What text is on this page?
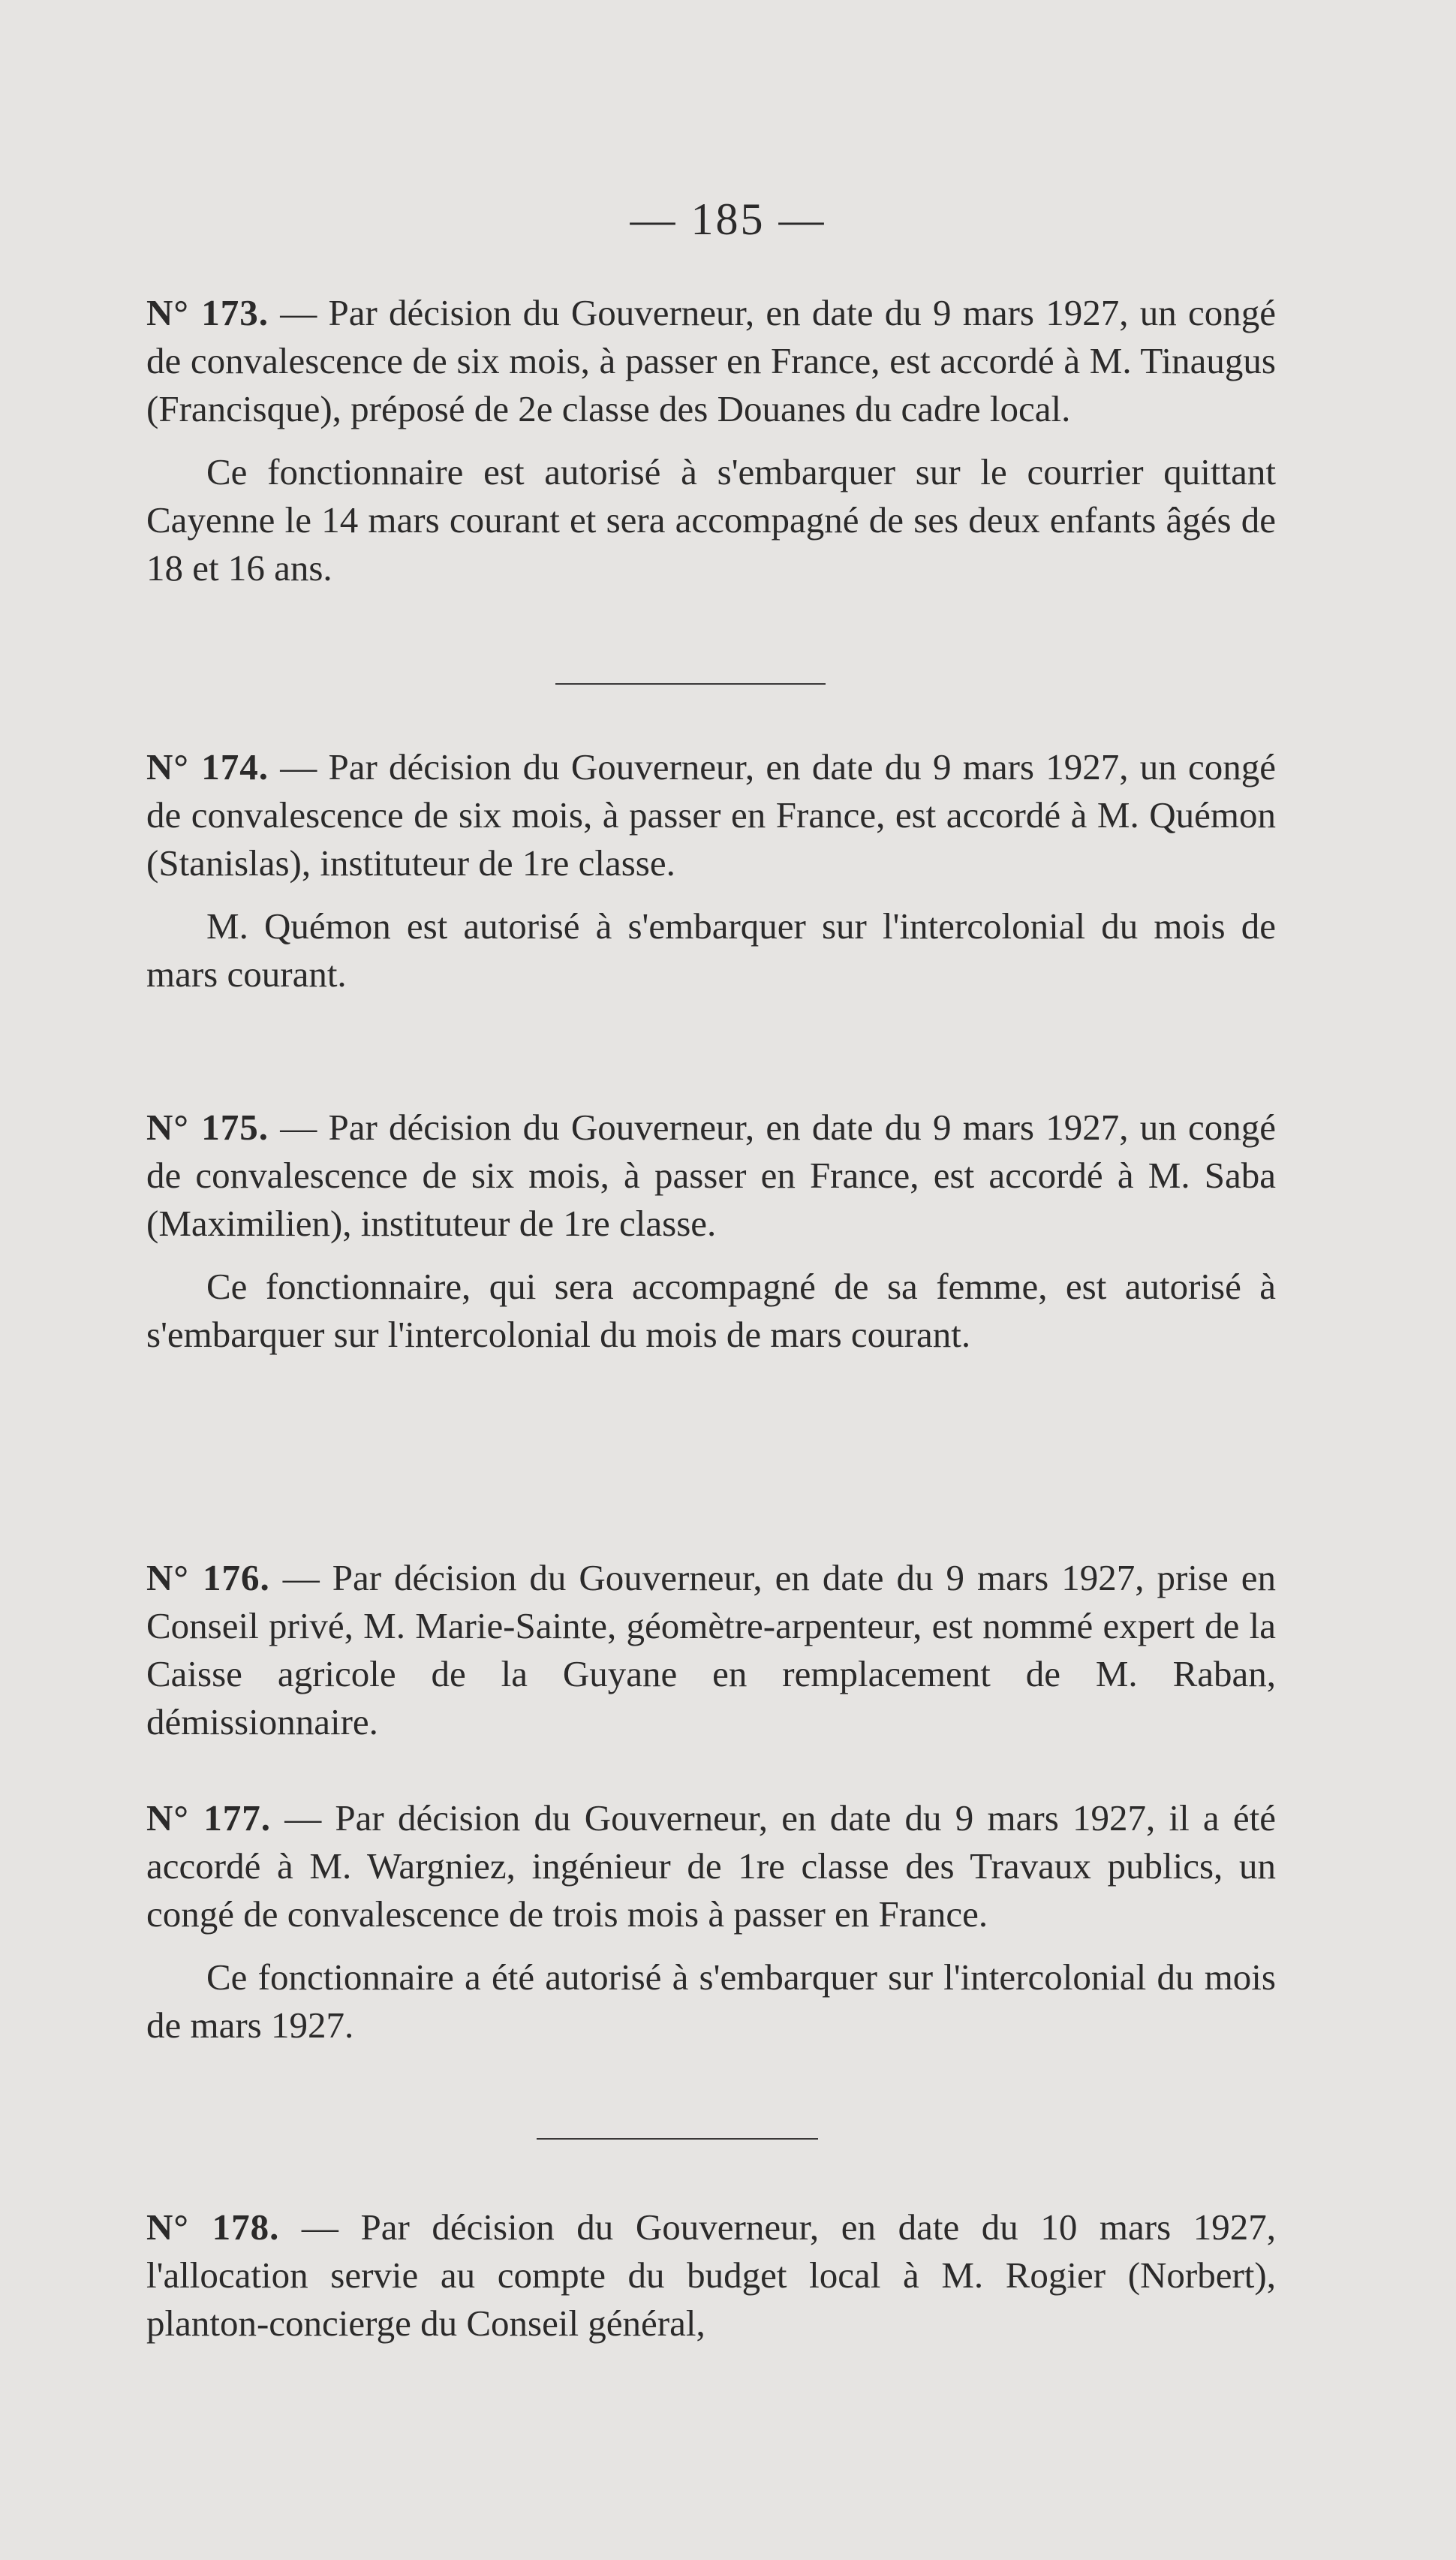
— 185 —

N° 173. — Par décision du Gouverneur, en date du 9 mars 1927, un congé de convalescence de six mois, à passer en France, est accordé à M. Tinaugus (Francisque), préposé de 2e classe des Douanes du cadre local.

Ce fonctionnaire est autorisé à s'embarquer sur le courrier quittant Cayenne le 14 mars courant et sera accompagné de ses deux enfants âgés de 18 et 16 ans.

N° 174. — Par décision du Gouverneur, en date du 9 mars 1927, un congé de convalescence de six mois, à passer en France, est accordé à M. Quémon (Stanislas), instituteur de 1re classe.

M. Quémon est autorisé à s'embarquer sur l'intercolonial du mois de mars courant.

N° 175. — Par décision du Gouverneur, en date du 9 mars 1927, un congé de convalescence de six mois, à passer en France, est accordé à M. Saba (Maximilien), instituteur de 1re classe.

Ce fonctionnaire, qui sera accompagné de sa femme, est autorisé à s'embarquer sur l'intercolonial du mois de mars courant.

N° 176. — Par décision du Gouverneur, en date du 9 mars 1927, prise en Conseil privé, M. Marie-Sainte, géomètre-arpenteur, est nommé expert de la Caisse agricole de la Guyane en remplacement de M. Raban, démissionnaire.

N° 177. — Par décision du Gouverneur, en date du 9 mars 1927, il a été accordé à M. Wargniez, ingénieur de 1re classe des Travaux publics, un congé de convalescence de trois mois à passer en France.

Ce fonctionnaire a été autorisé à s'embarquer sur l'intercolonial du mois de mars 1927.

N° 178. — Par décision du Gouverneur, en date du 10 mars 1927, l'allocation servie au compte du budget local à M. Rogier (Norbert), planton-concierge du Conseil général,
